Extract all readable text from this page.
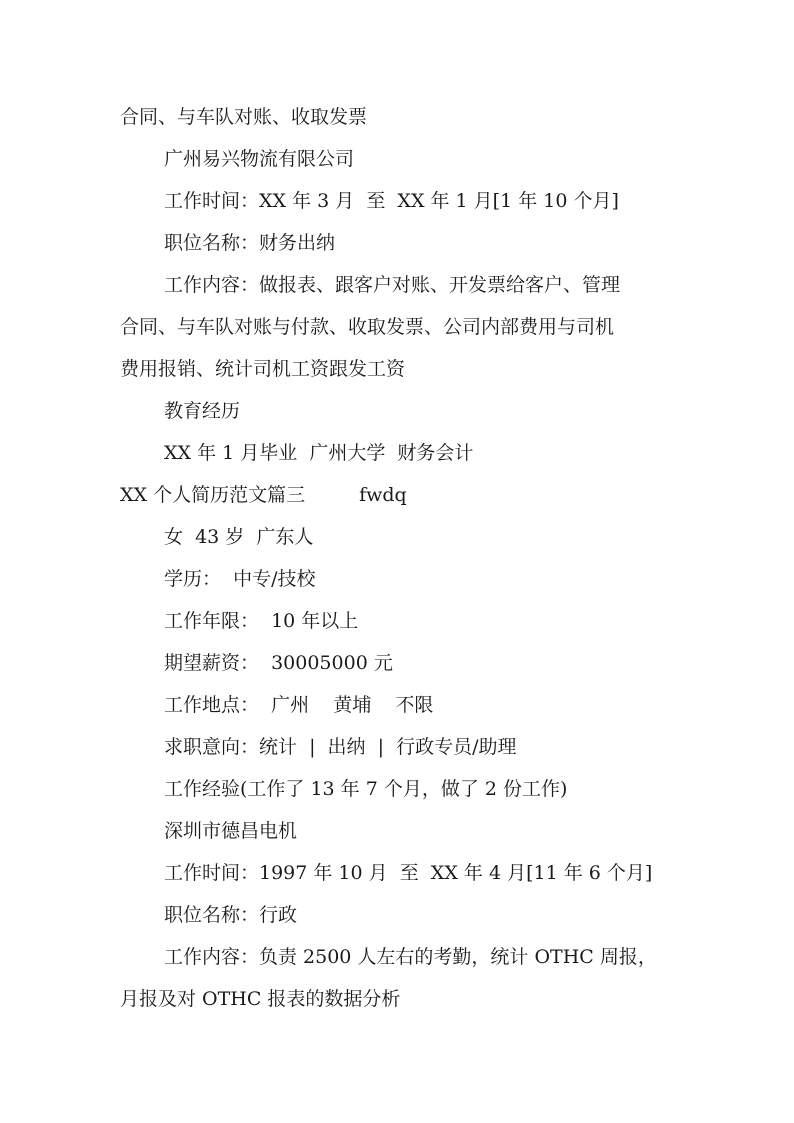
合同、与车队对账、收取发票
广州易兴物流有限公司
工作时间：XX 年 3 月  至  XX 年 1 月[1 年 10 个月]
职位名称：财务出纳
工作内容：做报表、跟客户对账、开发票给客户、管理
合同、与车队对账与付款、收取发票、公司内部费用与司机
费用报销、统计司机工资跟发工资
教育经历
XX 年 1 月毕业  广州大学  财务会计
XX 个人简历范文篇三	fwdq
女  43 岁  广东人
学历：  中专/技校
工作年限：  10 年以上
期望薪资：  30005000 元
工作地点：  广州    黄埔    不限
求职意向：统计  |  出纳  |  行政专员/助理
工作经验(工作了 13 年 7 个月，做了 2 份工作)
深圳市德昌电机
工作时间：1997 年 10 月  至  XX 年 4 月[11 年 6 个月]
职位名称：行政
工作内容：负责 2500 人左右的考勤，统计 OTHC 周报，
月报及对 OTHC 报表的数据分析
